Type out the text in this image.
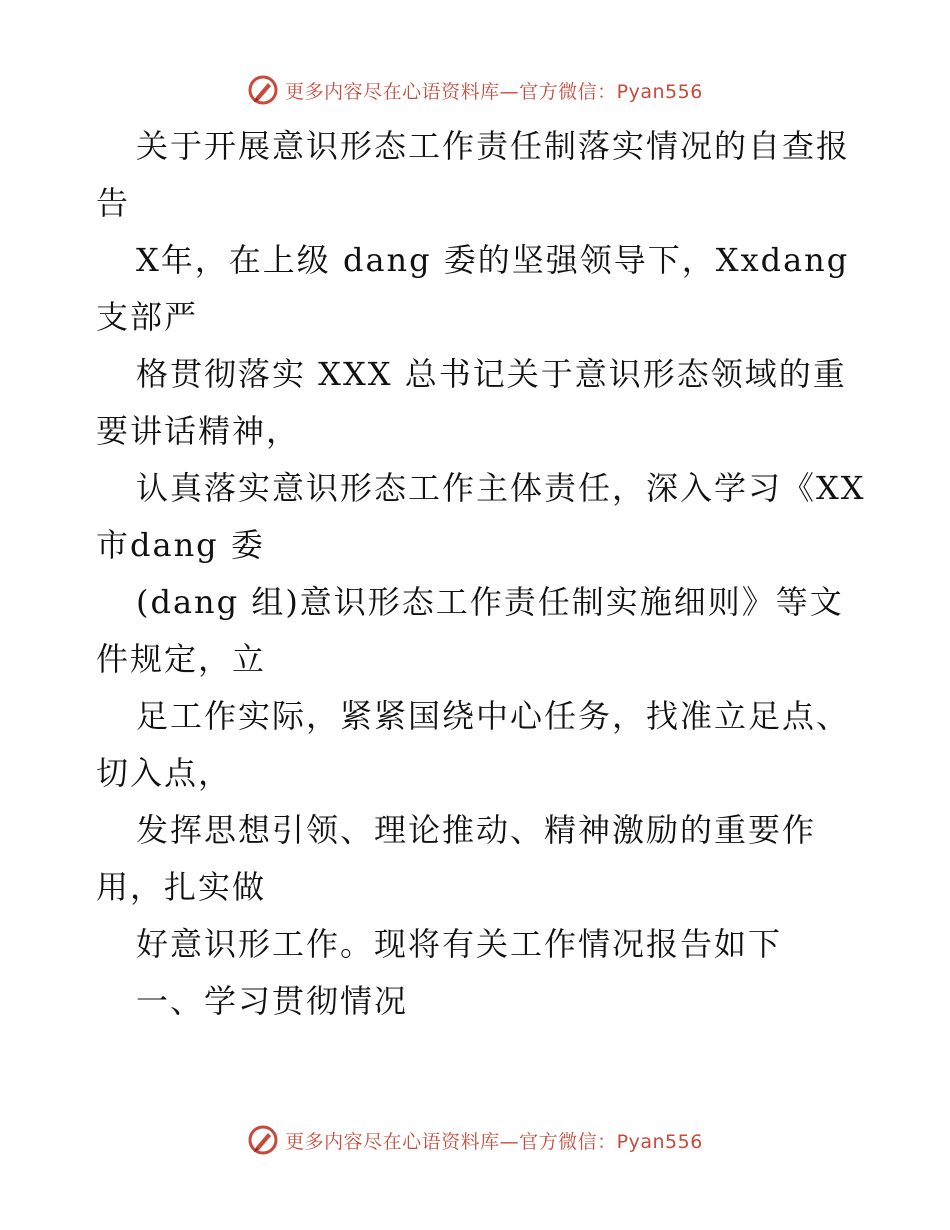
更多内容尽在心语资料库—官方微信：Pyan556

关于开展意识形态工作责任制落实情况的自查报告

X年，在上级 dang 委的坚强领导下，Xxdang 支部严

格贯彻落实 XXX 总书记关于意识形态领域的重要讲话精神，

认真落实意识形态工作主体责任，深入学习《XX市dang 委

(dang 组)意识形态工作责任制实施细则》等文件规定，立

足工作实际，紧紧国绕中心任务，找准立足点、切入点，

发挥思想引领、理论推动、精神激励的重要作用，扎实做

好意识形工作。现将有关工作情况报告如下

一、学习贯彻情况

更多内容尽在心语资料库—官方微信：Pyan556
